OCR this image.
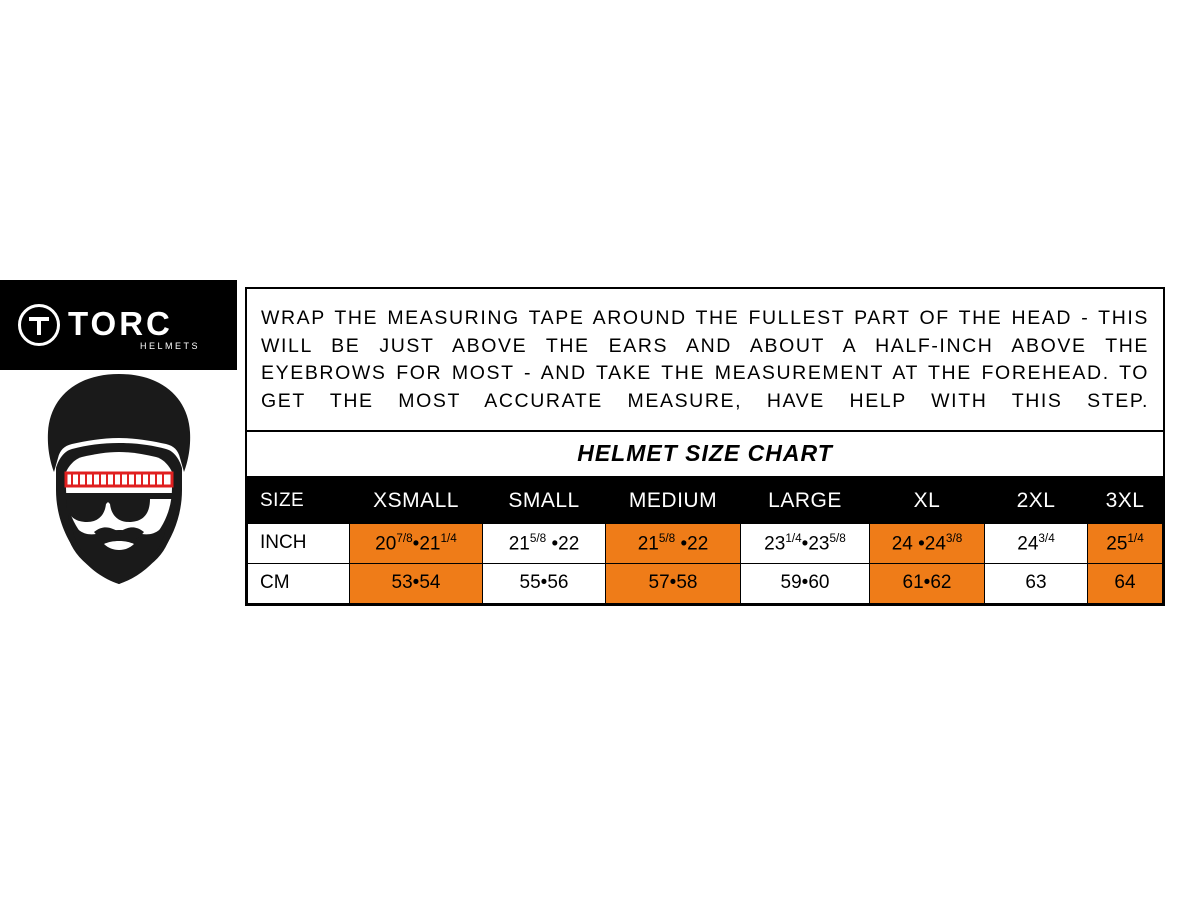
TORC
HELMETS
WRAP THE MEASURING TAPE AROUND THE FULLEST PART OF THE HEAD - THIS WILL BE JUST ABOVE THE EARS AND ABOUT A HALF-INCH ABOVE THE EYEBROWS FOR MOST - AND TAKE THE MEASUREMENT AT THE FOREHEAD. TO GET THE MOST ACCURATE MEASURE, HAVE HELP WITH THIS STEP.
HELMET SIZE CHART
SIZE	XSMALL	SMALL	MEDIUM	LARGE	XL	2XL	3XL
INCH	$20^{7/8}•21^{1/4}$	$21^{5/8}$ •22	$21^{5/8}$ •22	$23^{1/4}•23^{5/8}$	24 $•24^{3/8}$	$24^{3/4}$	$25^{1/4}$
CM	53•54	55•56	57•58	59•60	61•62	63	64
